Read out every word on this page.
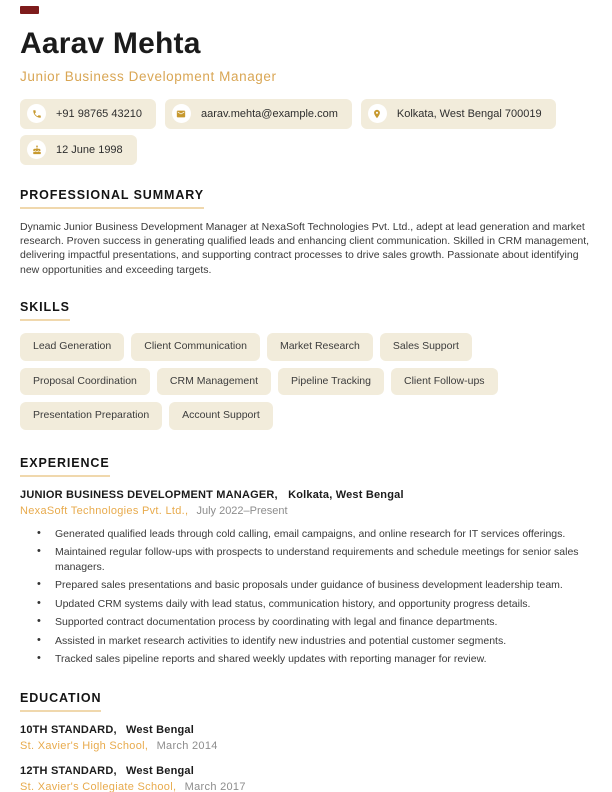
Aarav Mehta
Junior Business Development Manager
+91 98765 43210	aarav.mehta@example.com	Kolkata, West Bengal 700019
12 June 1998
PROFESSIONAL SUMMARY

Dynamic Junior Business Development Manager at NexaSoft Technologies Pvt. Ltd., adept at lead generation and market research. Proven success in generating qualified leads and enhancing client communication. Skilled in CRM management, delivering impactful presentations, and supporting contract processes to drive sales growth. Passionate about identifying new opportunities and exceeding targets.

SKILLS
Lead Generation	Client Communication	Market Research	Sales Support
Proposal Coordination	CRM Management	Pipeline Tracking	Client Follow-ups
Presentation Preparation	Account Support
EXPERIENCE
JUNIOR BUSINESS DEVELOPMENT MANAGER, Kolkata, West Bengal
NexaSoft Technologies Pvt. Ltd., July 2022–Present
• Generated qualified leads through cold calling, email campaigns, and online research for IT services offerings.
• Maintained regular follow-ups with prospects to understand requirements and schedule meetings for senior sales managers.
• Prepared sales presentations and basic proposals under guidance of business development leadership team.
• Updated CRM systems daily with lead status, communication history, and opportunity progress details.
• Supported contract documentation process by coordinating with legal and finance departments.
• Assisted in market research activities to identify new industries and potential customer segments.
• Tracked sales pipeline reports and shared weekly updates with reporting manager for review.
EDUCATION
10TH STANDARD, West Bengal
St. Xavier's High School, March 2014
12TH STANDARD, West Bengal
St. Xavier's Collegiate School, March 2017
